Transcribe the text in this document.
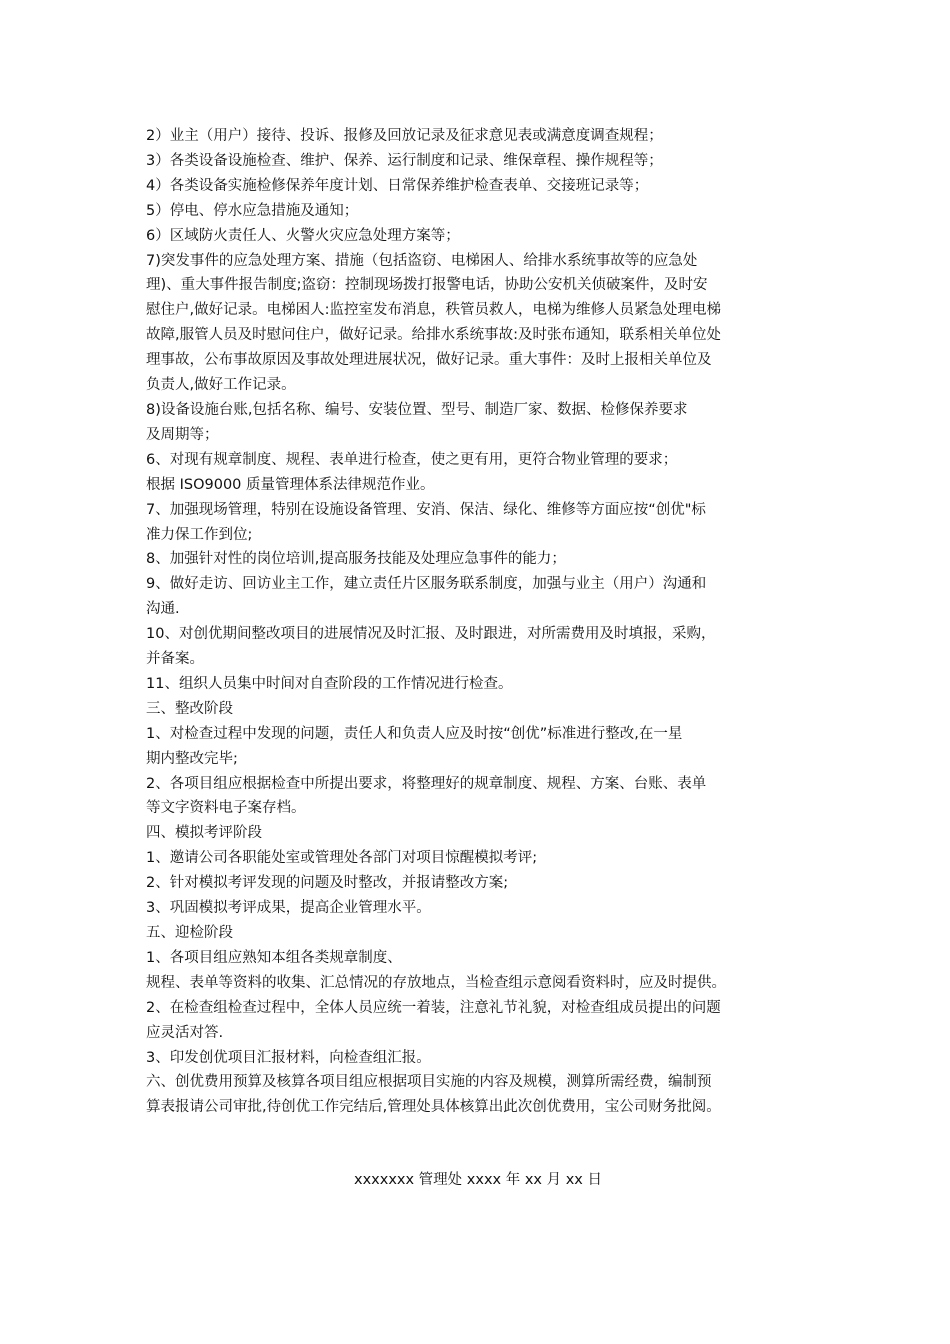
2）业主（用户）接待、投诉、报修及回放记录及征求意见表或满意度调查规程；

3）各类设备设施检查、维护、保养、运行制度和记录、维保章程、操作规程等；

4）各类设备实施检修保养年度计划、日常保养维护检查表单、交接班记录等；

5）停电、停水应急措施及通知；

6）区域防火责任人、火警火灾应急处理方案等；

7)突发事件的应急处理方案、措施（包括盗窃、电梯困人、给排水系统事故等的应急处

理)、重大事件报告制度;盗窃：控制现场拨打报警电话，协助公安机关侦破案件，及时安

慰住户,做好记录。电梯困人:监控室发布消息，秩管员救人，电梯为维修人员紧急处理电梯

故障,服管人员及时慰问住户，做好记录。给排水系统事故:及时张布通知，联系相关单位处

理事故，公布事故原因及事故处理进展状况，做好记录。重大事件：及时上报相关单位及

负责人,做好工作记录。

8)设备设施台账,包括名称、编号、安装位置、型号、制造厂家、数据、检修保养要求

及周期等；

6、对现有规章制度、规程、表单进行检查，使之更有用，更符合物业管理的要求；

根据 ISO9000 质量管理体系法律规范作业。

7、加强现场管理，特别在设施设备管理、安消、保洁、绿化、维修等方面应按“创优"标

准力保工作到位;

8、加强针对性的岗位培训,提高服务技能及处理应急事件的能力；

9、做好走访、回访业主工作，建立责任片区服务联系制度，加强与业主（用户）沟通和

沟通.

10、对创优期间整改项目的进展情况及时汇报、及时跟进，对所需费用及时填报，采购，

并备案。

11、组织人员集中时间对自查阶段的工作情况进行检查。

三、整改阶段

1、对检查过程中发现的问题，责任人和负责人应及时按“创优”标准进行整改,在一星

期内整改完毕;

2、各项目组应根据检查中所提出要求，将整理好的规章制度、规程、方案、台账、表单

等文字资料电子案存档。

四、模拟考评阶段

1、邀请公司各职能处室或管理处各部门对项目惊醒模拟考评;

2、针对模拟考评发现的问题及时整改，并报请整改方案;

3、巩固模拟考评成果，提高企业管理水平。

五、迎检阶段

1、各项目组应熟知本组各类规章制度、

规程、表单等资料的收集、汇总情况的存放地点，当检查组示意阅看资料时，应及时提供。

2、在检查组检查过程中，全体人员应统一着装，注意礼节礼貌，对检查组成员提出的问题

应灵活对答.

3、印发创优项目汇报材料，向检查组汇报。

六、创优费用预算及核算各项目组应根据项目实施的内容及规模，测算所需经费，编制预

算表报请公司审批,待创优工作完结后,管理处具体核算出此次创优费用，宝公司财务批阅。

xxxxxxx 管理处 xxxx 年 xx 月 xx 日
